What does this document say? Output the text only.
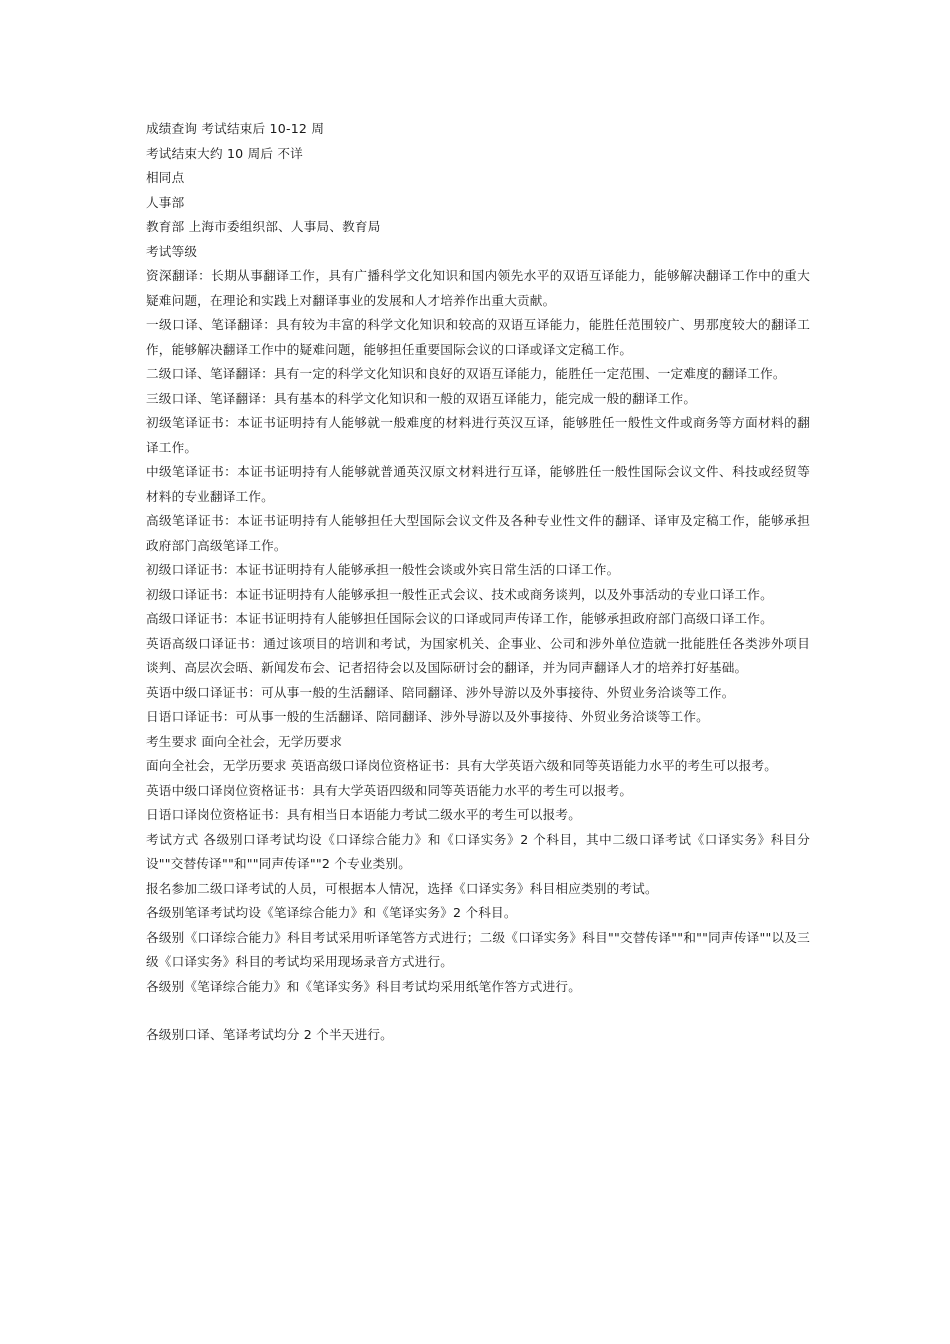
成绩查询 考试结束后 10-12 周

考试结束大约 10 周后 不详

相同点

人事部

教育部 上海市委组织部、人事局、教育局

考试等级

资深翻译：长期从事翻译工作，具有广播科学文化知识和国内领先水平的双语互译能力，能够解决翻译工作中的重大疑难问题，在理论和实践上对翻译事业的发展和人才培养作出重大贡献。

一级口译、笔译翻译：具有较为丰富的科学文化知识和较高的双语互译能力，能胜任范围较广、男那度较大的翻译工作，能够解决翻译工作中的疑难问题，能够担任重要国际会议的口译或译文定稿工作。

二级口译、笔译翻译：具有一定的科学文化知识和良好的双语互译能力，能胜任一定范围、一定难度的翻译工作。

三级口译、笔译翻译：具有基本的科学文化知识和一般的双语互译能力，能完成一般的翻译工作。

初级笔译证书：本证书证明持有人能够就一般难度的材料进行英汉互译，能够胜任一般性文件或商务等方面材料的翻译工作。

中级笔译证书：本证书证明持有人能够就普通英汉原文材料进行互译，能够胜任一般性国际会议文件、科技或经贸等材料的专业翻译工作。

高级笔译证书：本证书证明持有人能够担任大型国际会议文件及各种专业性文件的翻译、译审及定稿工作，能够承担政府部门高级笔译工作。

初级口译证书：本证书证明持有人能够承担一般性会谈或外宾日常生活的口译工作。

初级口译证书：本证书证明持有人能够承担一般性正式会议、技术或商务谈判，以及外事活动的专业口译工作。

高级口译证书：本证书证明持有人能够担任国际会议的口译或同声传译工作，能够承担政府部门高级口译工作。

英语高级口译证书：通过该项目的培训和考试，为国家机关、企事业、公司和涉外单位造就一批能胜任各类涉外项目谈判、高层次会晤、新闻发布会、记者招待会以及国际研讨会的翻译，并为同声翻译人才的培养打好基础。

英语中级口译证书：可从事一般的生活翻译、陪同翻译、涉外导游以及外事接待、外贸业务洽谈等工作。

日语口译证书：可从事一般的生活翻译、陪同翻译、涉外导游以及外事接待、外贸业务洽谈等工作。

考生要求 面向全社会，无学历要求

面向全社会，无学历要求 英语高级口译岗位资格证书：具有大学英语六级和同等英语能力水平的考生可以报考。

英语中级口译岗位资格证书：具有大学英语四级和同等英语能力水平的考生可以报考。

日语口译岗位资格证书：具有相当日本语能力考试二级水平的考生可以报考。

考试方式 各级别口译考试均设《口译综合能力》和《口译实务》2 个科目，其中二级口译考试《口译实务》科目分设""交替传译""和""同声传译""2 个专业类别。

报名参加二级口译考试的人员，可根据本人情况，选择《口译实务》科目相应类别的考试。

各级别笔译考试均设《笔译综合能力》和《笔译实务》2 个科目。

各级别《口译综合能力》科目考试采用听译笔答方式进行；二级《口译实务》科目""交替传译""和""同声传译""以及三级《口译实务》科目的考试均采用现场录音方式进行。

各级别《笔译综合能力》和《笔译实务》科目考试均采用纸笔作答方式进行。

各级别口译、笔译考试均分 2 个半天进行。
